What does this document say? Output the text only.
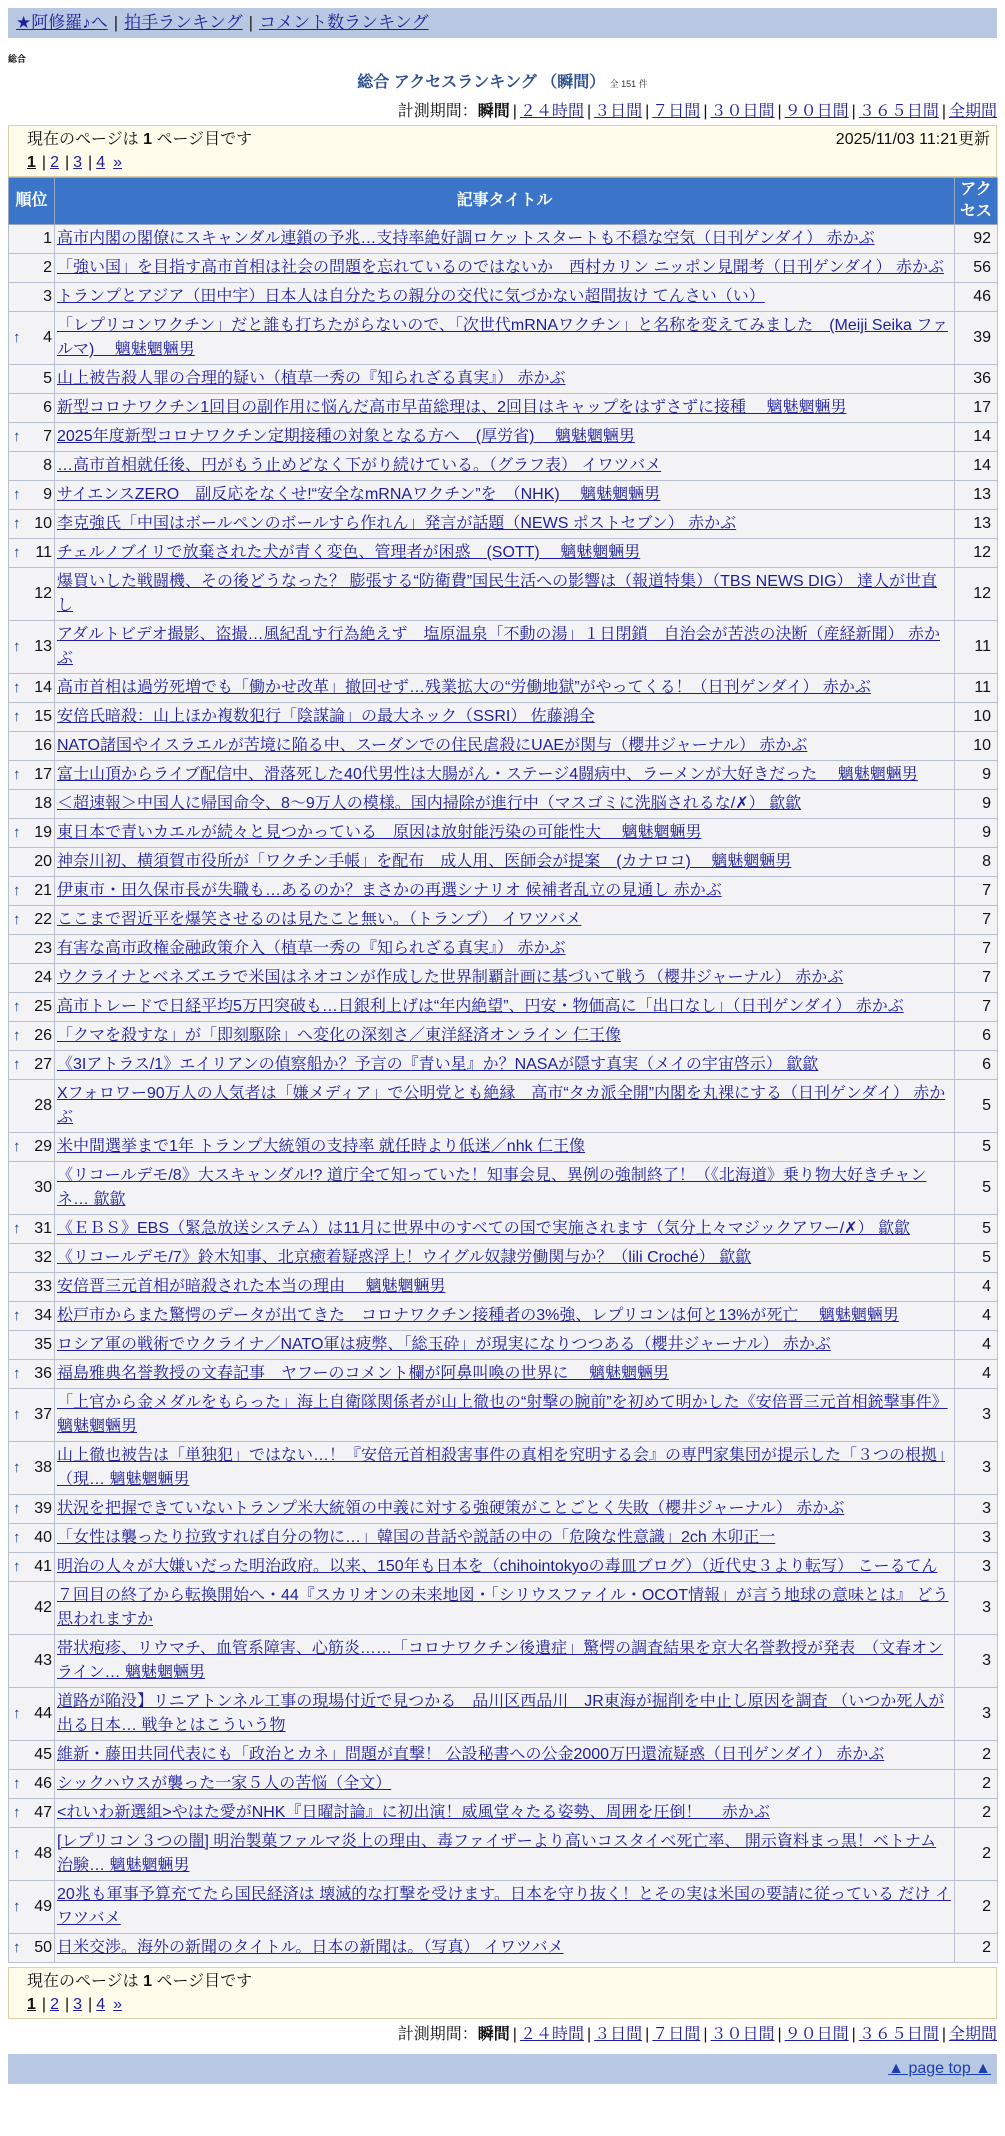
★阿修羅♪へ | 拍手ランキング | コメント数ランキング
総合
総合 アクセスランキング （瞬間） 全 151 件
計測期間：瞬間 | ２４時間 | ３日間 | ７日間 | ３０日間 | ９０日間 | ３６５日間 | 全期間
現在のページは 1 ページ目です	2025/11/03 11:21更新
1 | 2 | 3 | 4 »
順位	記事タイトル	アクセス
1	高市内閣の閣僚にスキャンダル連鎖の予兆…支持率絶好調ロケットスタートも不穏な空気（日刊ゲンダイ） 赤かぶ	92
2	「強い国」を目指す高市首相は社会の問題を忘れているのではないか　西村カリン ニッポン見聞考（日刊ゲンダイ） 赤かぶ	56
3	トランプとアジア（田中宇）日本人は自分たちの親分の交代に気づかない超間抜け てんさい（い）	46

↑ 4	「レプリコンワクチン」だと誰も打ちたがらないので、「次世代mRNAワクチン」と名称を変えてみました　(Meiji Seika ファルマ)　 魑魅魍魎男	39
5	山上被告殺人罪の合理的疑い（植草一秀の『知られざる真実』） 赤かぶ	36
6	新型コロナワクチン1回目の副作用に悩んだ高市早苗総理は、2回目はキャップをはずさずに接種　 魑魅魍魎男	17

↑ 7	2025年度新型コロナワクチン定期接種の対象となる方へ　(厚労省)　 魑魅魍魎男	14
8	…高市首相就任後、円がもう止めどなく下がり続けている。（グラフ表） イワツバメ	14

↑ 9	サイエンスZERO　副反応をなくせ!“安全なmRNAワクチン”を　（NHK)　 魑魅魍魎男	13

↑ 10	李克強氏「中国はボールペンのボールすら作れん」発言が話題（NEWS ポストセブン） 赤かぶ	13

↑ 11	チェルノブイリで放棄された犬が青く変色、管理者が困惑　(SOTT)　 魑魅魍魎男	12
12	爆買いした戦闘機、その後どうなった？ 膨張する“防衛費”国民生活への影響は（報道特集）（TBS NEWS DIG） 達人が世直し	12

↑ 13	アダルトビデオ撮影、盗撮…風紀乱す行為絶えず　塩原温泉「不動の湯」１日閉鎖　自治会が苦渋の決断（産経新聞） 赤かぶ	11

↑ 14	高市首相は過労死増でも「働かせ改革」撤回せず…残業拡大の“労働地獄”がやってくる！（日刊ゲンダイ） 赤かぶ	11

↑ 15	安倍氏暗殺：山上ほか複数犯行「陰謀論」の最大ネック（SSRI） 佐藤鴻全	10
16	NATO諸国やイスラエルが苦境に陥る中、スーダンでの住民虐殺にUAEが関与（櫻井ジャーナル） 赤かぶ	10

↑ 17	富士山頂からライブ配信中、滑落死した40代男性は大腸がん・ステージ4闘病中、ラーメンが大好きだった　 魑魅魍魎男	9
18	＜超速報＞中国人に帰国命令、8〜9万人の模様。国内掃除が進行中（マスゴミに洗脳されるな/✗） 歙歙	9

↑ 19	東日本で青いカエルが続々と見つかっている　原因は放射能汚染の可能性大　 魑魅魍魎男	9
20	神奈川初、横須賀市役所が「ワクチン手帳」を配布　成人用、医師会が提案　(カナロコ)　 魑魅魍魎男	8

↑ 21	伊東市・田久保市長が失職も…あるのか？まさかの再選シナリオ 候補者乱立の見通し 赤かぶ	7

↑ 22	ここまで習近平を爆笑させるのは見たこと無い。（トランプ） イワツバメ	7
23	有害な高市政権金融政策介入（植草一秀の『知られざる真実』） 赤かぶ	7
24	ウクライナとベネズエラで米国はネオコンが作成した世界制覇計画に基づいて戦う（櫻井ジャーナル） 赤かぶ	7

↑ 25	高市トレードで日経平均5万円突破も…日銀利上げは“年内絶望”、円安・物価高に「出口なし」（日刊ゲンダイ） 赤かぶ	7

↑ 26	「クマを殺すな」が「即刻駆除」へ変化の深刻さ／東洋経済オンライン 仁王像	6

↑ 27	《3Iアトラス/1》エイリアンの偵察船か？予言の『青い星』か？NASAが隠す真実（メイの宇宙啓示） 歙歙	6
28	Xフォロワー90万人の人気者は「嫌メディア」で公明党とも絶縁　高市“タカ派全開”内閣を丸裸にする（日刊ゲンダイ） 赤かぶ	5

↑ 29	米中間選挙まで1年 トランプ大統領の支持率 就任時より低迷／nhk 仁王像	5
30	《リコールデモ/8》大スキャンダル!? 道庁全て知っていた！知事会見、異例の強制終了！（《北海道》乗り物大好きチャンネ… 歙歙	5

↑ 31	《ＥＢＳ》EBS（緊急放送システム）は11月に世界中のすべての国で実施されます（気分上々マジックアワー/✗） 歙歙	5
32	《リコールデモ/7》鈴木知事、北京癒着疑惑浮上！ウイグル奴隷労働関与か？（lili Croché） 歙歙	5
33	安倍晋三元首相が暗殺された本当の理由　 魑魅魍魎男	4

↑ 34	松戸市からまた驚愕のデータが出てきた　コロナワクチン接種者の3%強、レプリコンは何と13%が死亡　 魑魅魍魎男	4
35	ロシア軍の戦術でウクライナ／NATO軍は疲弊、「総玉砕」が現実になりつつある（櫻井ジャーナル） 赤かぶ	4

↑ 36	福島雅典名誉教授の文春記事　ヤフーのコメント欄が阿鼻叫喚の世界に　 魑魅魍魎男	4

↑ 37	「上官から金メダルをもらった」海上自衛隊関係者が山上徹也の“射撃の腕前”を初めて明かした《安倍晋三元首相銃撃事件》 魑魅魍魎男	3

↑ 38	山上徹也被告は「単独犯」ではない…！『安倍元首相殺害事件の真相を究明する会』の専門家集団が提示した「３つの根拠」（現… 魑魅魍魎男	3

↑ 39	状況を把握できていないトランプ米大統領の中義に対する強硬策がことごとく失敗（櫻井ジャーナル） 赤かぶ	3

↑ 40	「女性は襲ったり拉致すれば自分の物に…」韓国の昔話や説話の中の「危険な性意識」2ch 木卯正一	3

↑ 41	明治の人々が大嫌いだった明治政府。以来、150年も日本を（chihointokyoの毒皿ブログ）（近代史３より転写） こーるてん	3
42	７回目の終了から転換開始へ・44『スカリオンの未来地図・「シリウスファイル・OCOT情報」が言う地球の意味とは』 どう思われますか	3
43	帯状疱疹、リウマチ、血管系障害、心筋炎……「コロナワクチン後遺症」驚愕の調査結果を京大名誉教授が発表　（文春オンライン… 魑魅魍魎男	3

↑ 44	道路が陥没】リニアトンネル工事の現場付近で見つかる　品川区西品川　JR東海が掘削を中止し原因を調査 （いつか死人が出る日本… 戦争とはこういう物	3
45	維新・藤田共同代表にも「政治とカネ」問題が直撃！ 公設秘書への公金2000万円還流疑惑（日刊ゲンダイ） 赤かぶ	2

↑ 46	シックハウスが襲った一家５人の苦悩（全文）	2

↑ 47	<れいわ新選組>やはた愛がNHK『日曜討論』に初出演！威風堂々たる姿勢、周囲を圧倒！　 赤かぶ	2

↑ 48	[レプリコン３つの闇] 明治製菓ファルマ炎上の理由、毒ファイザーより高いコスタイベ死亡率、 開示資料まっ黒！ベトナム治験… 魑魅魍魎男	2

↑ 49	20兆も軍事予算充てたら国民経済は 壊滅的な打撃を受けます。日本を守り抜く！とその実は米国の要請に従っている だけ イワツバメ	2

↑ 50	日米交渉。海外の新聞のタイトル。日本の新聞は。（写真） イワツバメ	2
現在のページは 1 ページ目です
1 | 2 | 3 | 4 »
計測期間：瞬間 | ２４時間 | ３日間 | ７日間 | ３０日間 | ９０日間 | ３６５日間 | 全期間
▲ page top ▲
